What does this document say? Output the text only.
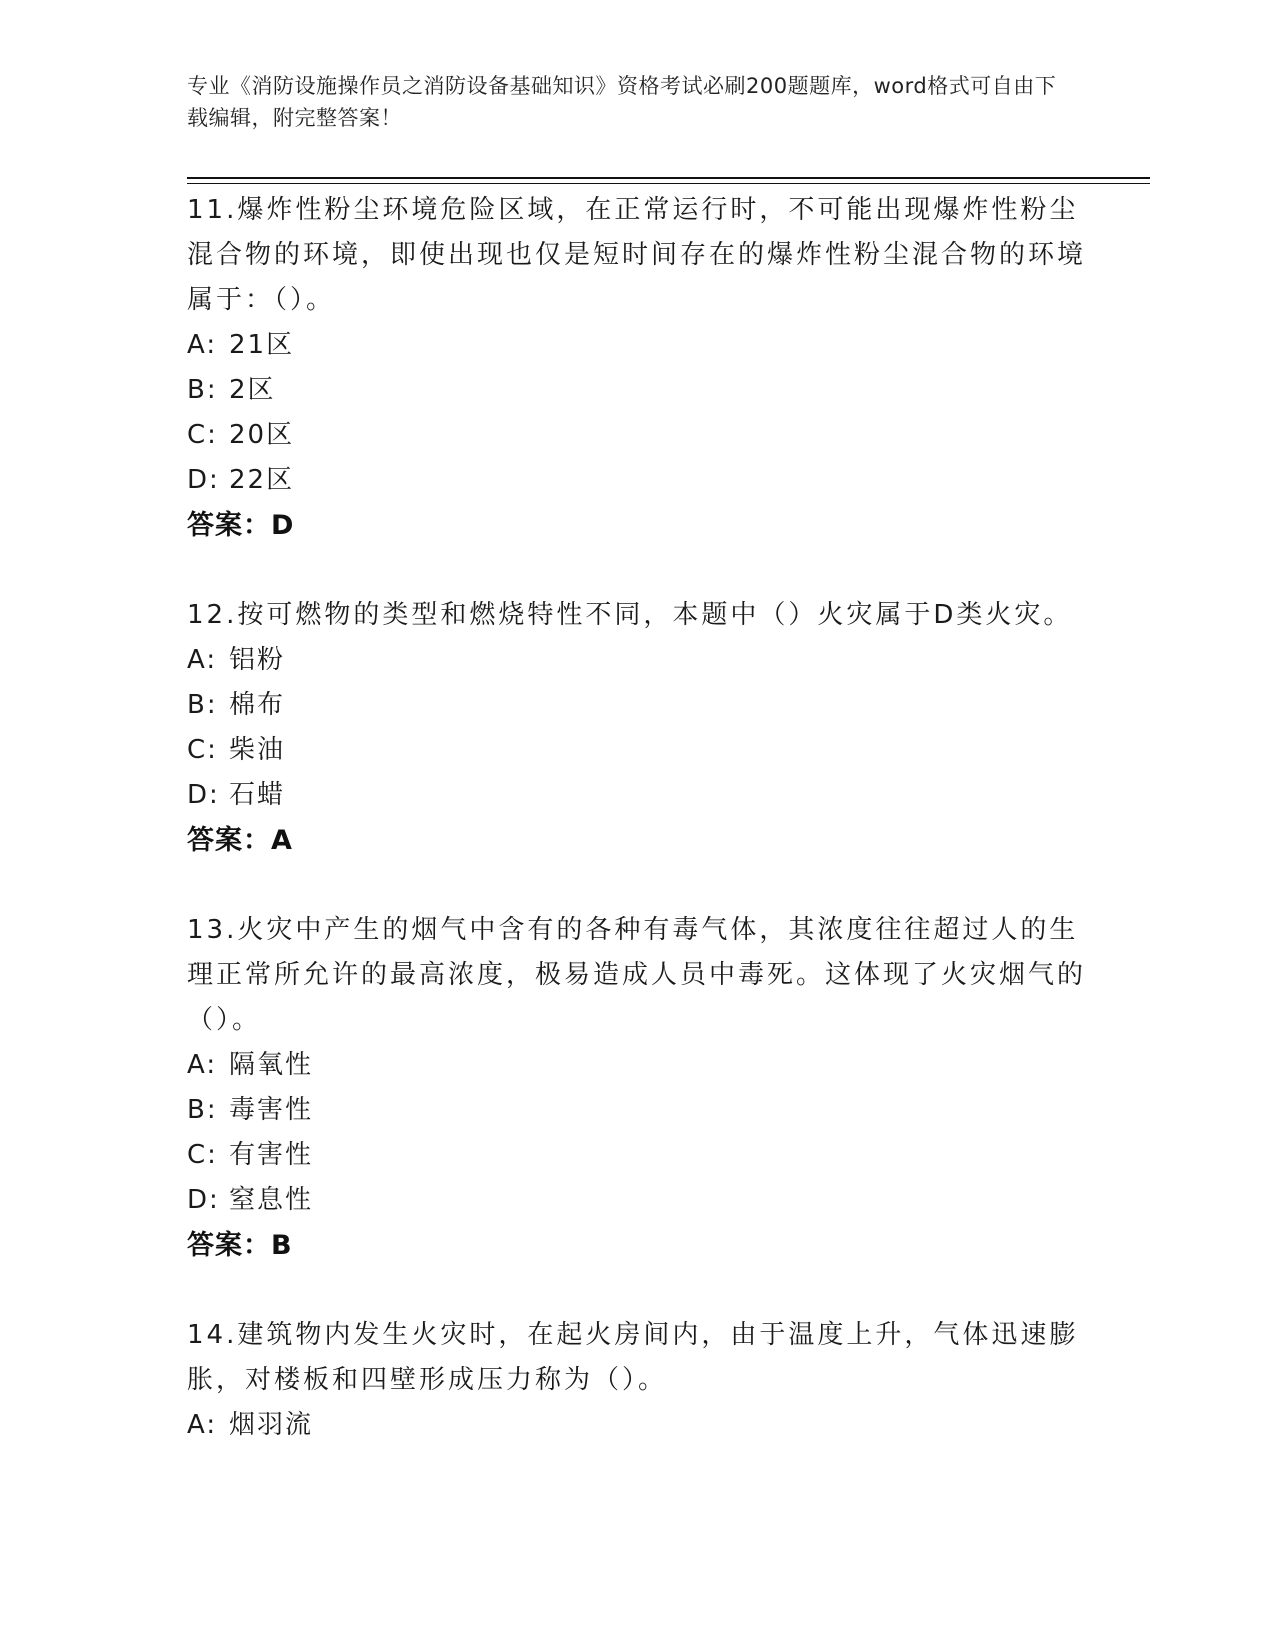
专业《消防设施操作员之消防设备基础知识》资格考试必刷200题题库，word格式可自由下载编辑，附完整答案！
11.爆炸性粉尘环境危险区域，在正常运行时，不可能出现爆炸性粉尘混合物的环境，即使出现也仅是短时间存在的爆炸性粉尘混合物的环境属于：（）。
A: 21区
B: 2区
C: 20区
D: 22区
答案：D
12.按可燃物的类型和燃烧特性不同，本题中（）火灾属于D类火灾。
A: 铝粉
B: 棉布
C: 柴油
D: 石蜡
答案：A
13.火灾中产生的烟气中含有的各种有毒气体，其浓度往往超过人的生理正常所允许的最高浓度，极易造成人员中毒死。这体现了火灾烟气的（）。
A: 隔氧性
B: 毒害性
C: 有害性
D: 窒息性
答案：B
14.建筑物内发生火灾时，在起火房间内，由于温度上升，气体迅速膨胀，对楼板和四壁形成压力称为（）。
A: 烟羽流
